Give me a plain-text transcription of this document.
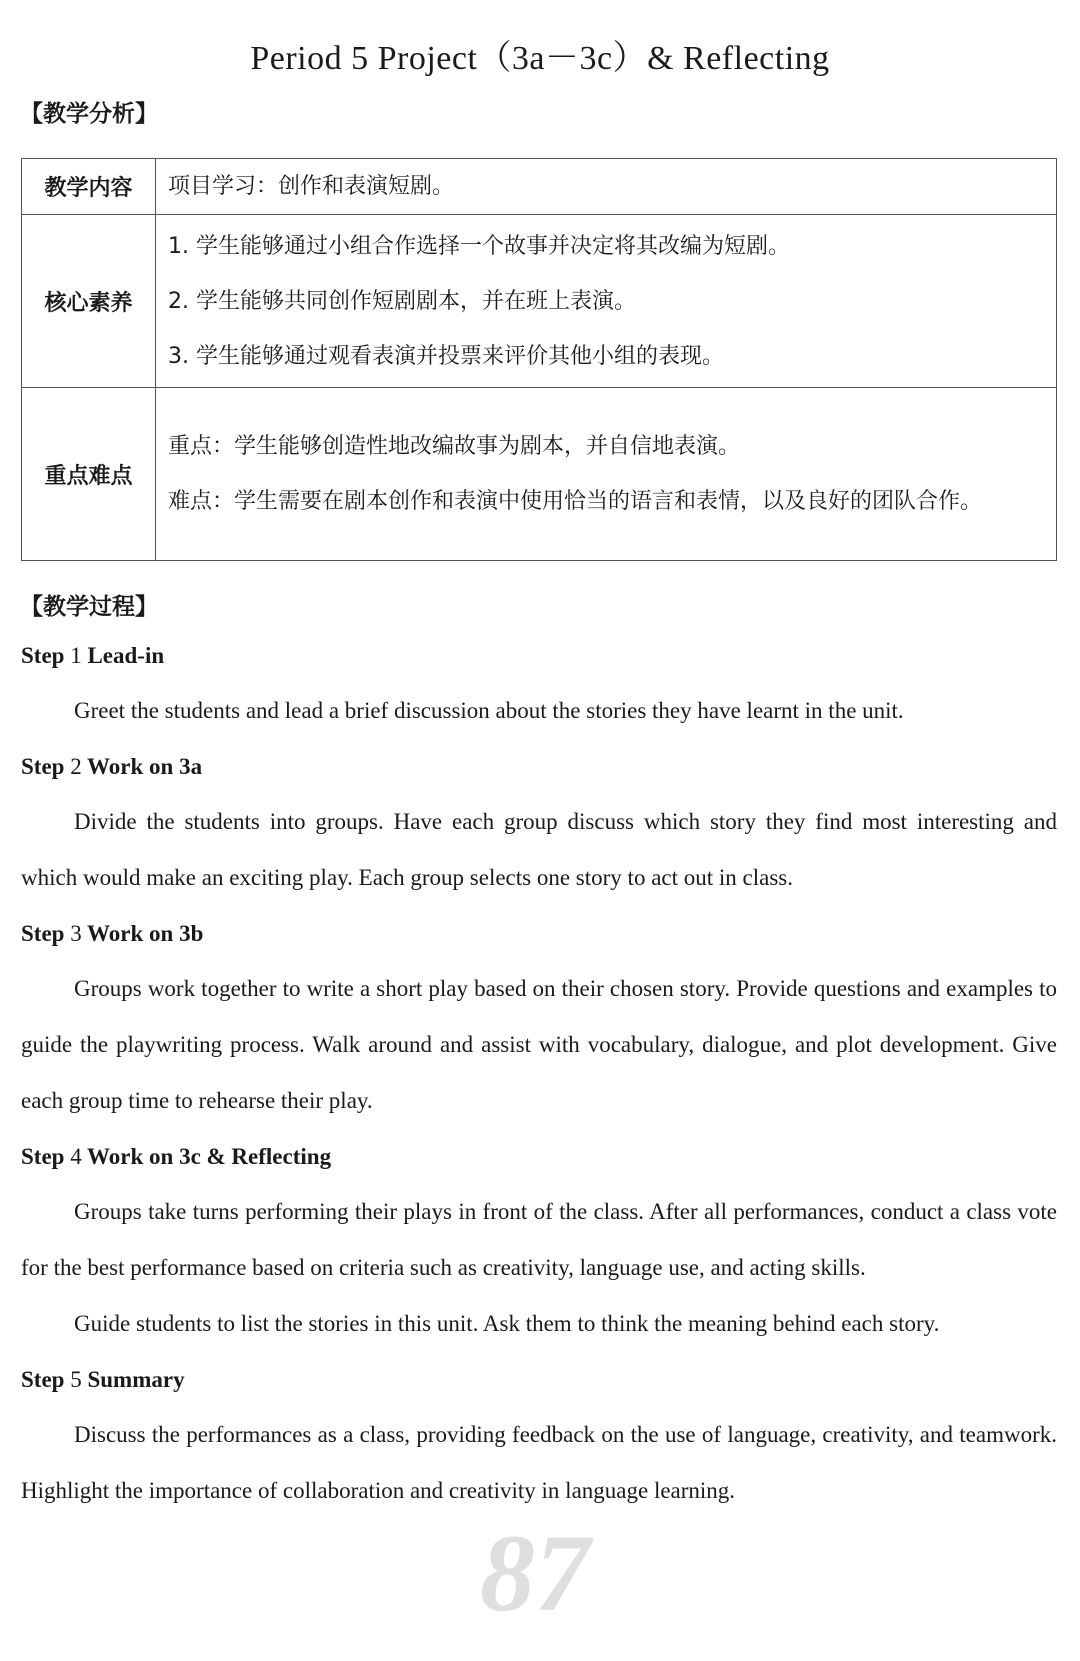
Period 5 Project（3a－3c）& Reflecting
【教学分析】
教学内容	项目学习：创作和表演短剧。
核心素养	1. 学生能够通过小组合作选择一个故事并决定将其改编为短剧。
2. 学生能够共同创作短剧剧本，并在班上表演。
3. 学生能够通过观看表演并投票来评价其他小组的表现。

重点难点	重点：学生能够创造性地改编故事为剧本，并自信地表演。
难点：学生需要在剧本创作和表演中使用恰当的语言和表情，以及良好的团队合作。
【教学过程】
Step 1 Lead-in

Greet the students and lead a brief discussion about the stories they have learnt in the unit.

Step 2 Work on 3a

Divide the students into groups. Have each group discuss which story they find most interesting and which would make an exciting play. Each group selects one story to act out in class.

Step 3 Work on 3b

Groups work together to write a short play based on their chosen story. Provide questions and examples to guide the playwriting process. Walk around and assist with vocabulary, dialogue, and plot development. Give each group time to rehearse their play.

Step 4 Work on 3c & Reflecting

Groups take turns performing their plays in front of the class. After all performances, conduct a class vote for the best performance based on criteria such as creativity, language use, and acting skills.

Guide students to list the stories in this unit. Ask them to think the meaning behind each story.

Step 5 Summary

Discuss the performances as a class, providing feedback on the use of language, creativity, and teamwork. Highlight the importance of collaboration and creativity in language learning.

87
